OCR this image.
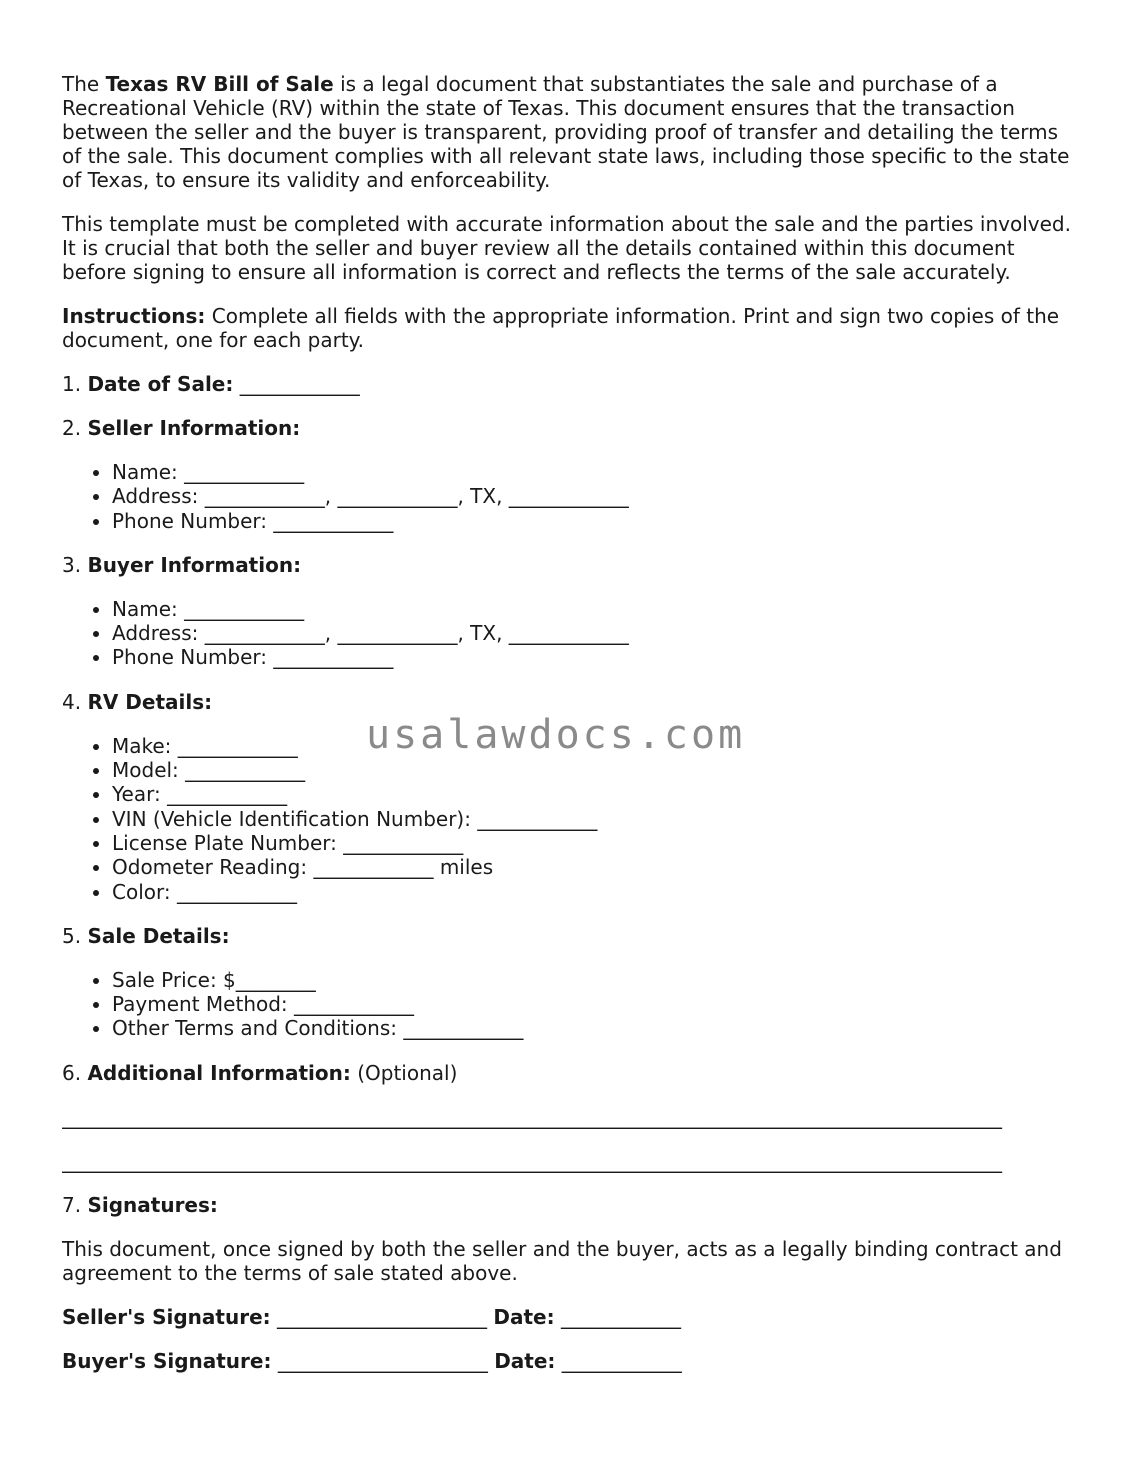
The Texas RV Bill of Sale is a legal document that substantiates the sale and purchase of a Recreational Vehicle (RV) within the state of Texas. This document ensures that the transaction between the seller and the buyer is transparent, providing proof of transfer and detailing the terms of the sale. This document complies with all relevant state laws, including those specific to the state of Texas, to ensure its validity and enforceability.

This template must be completed with accurate information about the sale and the parties involved. It is crucial that both the seller and buyer review all the details contained within this document before signing to ensure all information is correct and reflects the terms of the sale accurately.

Instructions: Complete all fields with the appropriate information. Print and sign two copies of the document, one for each party.

1. Date of Sale: ____________

2. Seller Information:

• Name: ____________
• Address: ____________, ____________, TX, ____________
• Phone Number: ____________

3. Buyer Information:

• Name: ____________
• Address: ____________, ____________, TX, ____________
• Phone Number: ____________

4. RV Details:

• Make: ____________
• Model: ____________
• Year: ____________
• VIN (Vehicle Identification Number): ____________
• License Plate Number: ____________
• Odometer Reading: ____________ miles
• Color: ____________

5. Sale Details:

• Sale Price: $________
• Payment Method: ____________
• Other Terms and Conditions: ____________

6. Additional Information: (Optional)

______________________________________________________________________________________________
______________________________________________________________________________________________

7. Signatures:

This document, once signed by both the seller and the buyer, acts as a legally binding contract and agreement to the terms of sale stated above.

Seller's Signature: _____________________ Date: ____________

Buyer's Signature: _____________________ Date: ____________

usalawdocs.com
